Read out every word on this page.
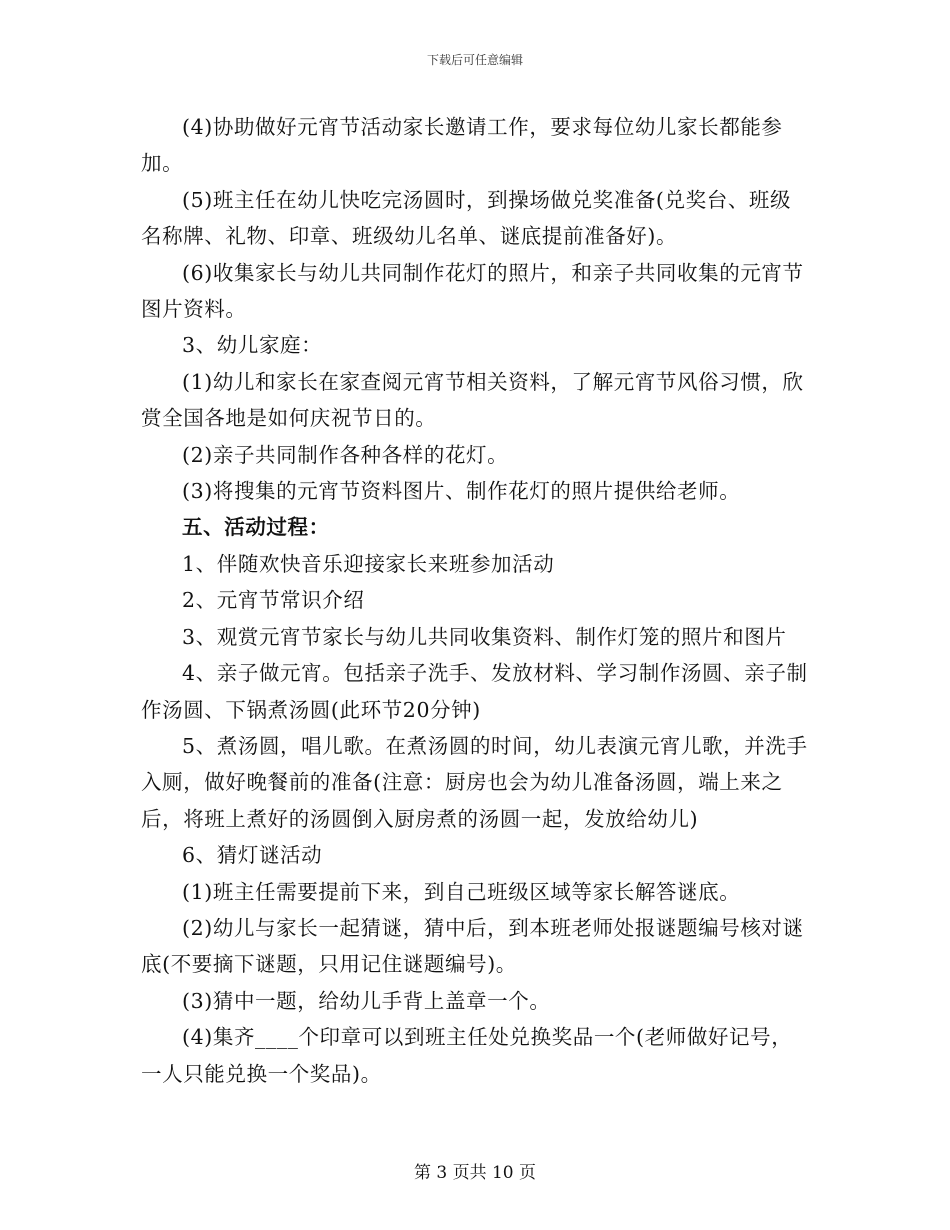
下载后可任意编辑

(4)协助做好元宵节活动家长邀请工作，要求每位幼儿家长都能参加。

(5)班主任在幼儿快吃完汤圆时，到操场做兑奖准备(兑奖台、班级名称牌、礼物、印章、班级幼儿名单、谜底提前准备好)。

(6)收集家长与幼儿共同制作花灯的照片，和亲子共同收集的元宵节图片资料。

3、幼儿家庭：

(1)幼儿和家长在家查阅元宵节相关资料，了解元宵节风俗习惯，欣赏全国各地是如何庆祝节日的。

(2)亲子共同制作各种各样的花灯。

(3)将搜集的元宵节资料图片、制作花灯的照片提供给老师。

五、活动过程：

1、伴随欢快音乐迎接家长来班参加活动

2、元宵节常识介绍

3、观赏元宵节家长与幼儿共同收集资料、制作灯笼的照片和图片

4、亲子做元宵。包括亲子洗手、发放材料、学习制作汤圆、亲子制作汤圆、下锅煮汤圆(此环节20分钟)

5、煮汤圆，唱儿歌。在煮汤圆的时间，幼儿表演元宵儿歌，并洗手入厕，做好晚餐前的准备(注意：厨房也会为幼儿准备汤圆，端上来之后，将班上煮好的汤圆倒入厨房煮的汤圆一起，发放给幼儿)

6、猜灯谜活动

(1)班主任需要提前下来，到自己班级区域等家长解答谜底。

(2)幼儿与家长一起猜谜，猜中后，到本班老师处报谜题编号核对谜底(不要摘下谜题，只用记住谜题编号)。

(3)猜中一题，给幼儿手背上盖章一个。

(4)集齐____个印章可以到班主任处兑换奖品一个(老师做好记号，一人只能兑换一个奖品)。

第 3 页共 10 页
